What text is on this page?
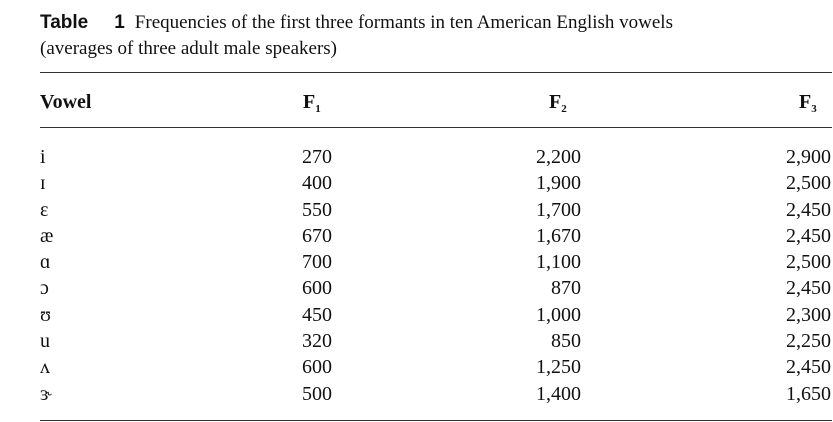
Table 1 Frequencies of the first three formants in ten American English vowels
(averages of three adult male speakers)
Vowel	$F_1$	$F_2$	$F_3$
i	270	2,200	2,900
ɪ	400	1,900	2,500
ɛ	550	1,700	2,450
æ	670	1,670	2,450
ɑ	700	1,100	2,500
ɔ	600	870	2,450
ʊ	450	1,000	2,300
u	320	850	2,250
ʌ	600	1,250	2,450
ɝ	500	1,400	1,650
